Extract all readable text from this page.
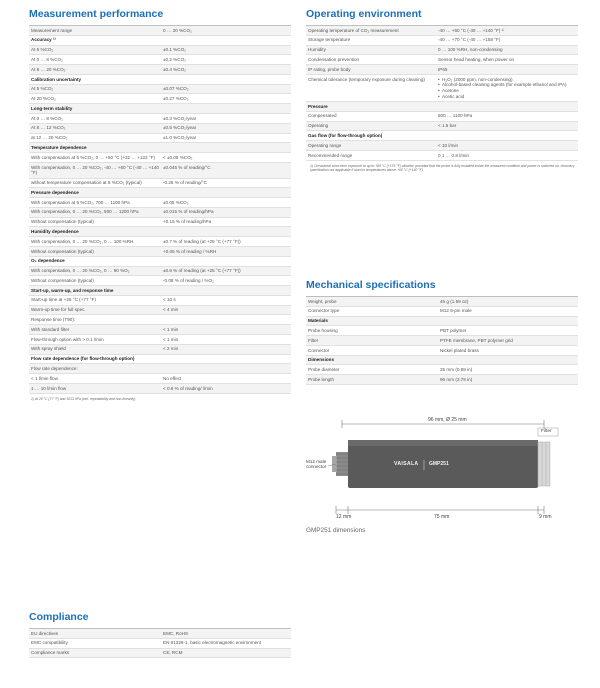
Measurement performance
Measurement range	0 … 20 %CO₂
Accuracy ¹⁾
At 5 %CO₂	±0.1 %CO₂
At 0 … 8 %CO₂	±0.2 %CO₂
At 8 … 20 %CO₂	±0.4 %CO₂
Calibration uncertainty
At 5 %CO₂	±0.07 %CO₂
At 20 %CO₂	±0.27 %CO₂
Long-term stability
At 0 … 8 %CO₂	±0.3 %CO₂/year
At 8 … 12 %CO₂	±0.5 %CO₂/year
at 12 … 20 %CO₂	±1.0 %CO₂/year
Temperature dependence
With compensation at 5 %CO₂, 0 … +50 °C (+32 … +122 °F)	< ±0.05 %CO₂
With compensation, 0 … 20 %CO₂, -40 … +60 °C (-40 … +140 °F)
±0.045 % of reading/°C
without temperature compensation at 5 %CO₂ (typical)	-0.25 % of reading/°C
Pressure dependence
With compensation at 5 %CO₂, 700 … 1100 hPa	±0.05 %CO₂
With compensation, 0 … 20 %CO₂, 500 … 1200 hPa	±0.015 % of reading/hPa
Without compensation (typical)	+0.15 % of reading/hPa
Humidity dependence
With compensation, 0 … 20 %CO₂, 0 … 100 %RH	±0.7 % of reading (at +25 °C (+77 °F))
Without compensation (typical)	+0.05 % of reading / %RH
O₂ dependence
With compensation, 0 … 20 %CO₂, 0 … 90 %O₂	±0.6 % of reading (at +25 °C (+77 °F))
Without compensation (typical)	-0.08 % of reading / %O₂
Start-up, warm-up, and response time
Start-up time at +25 °C (+77 °F)	< 10 s
Warm-up time for full spec.	< 4 min
Response time (T90):
With standard filter	< 1 min
Flow-through option with > 0.1 l/min	< 1 min
With spray shield	< 2 min
Flow rate dependence (for flow-through option)
Flow rate dependence:
< 1 l/min flow	No effect
1 … 10 l/min flow	< 0.6 % of reading/ l/min
1) At 25 °C (77 °F) and 1013 hPa (incl. repeatability and non-linearity)
Compliance
EU directives	EMC, RoHS
EMC compatibility	EN 61326-1, basic electromagnetic environment
Compliance marks	CE, RCM
Operating environment
Operating temperature of CO₂ measurement	-40 … +60 °C (-40 … +140 °F) ¹⁾
Storage temperature	-40 … +70 °C (-40 … +158 °F)
Humidity	0 … 100 %RH, non-condensing
Condensation prevention	Sensor head heating, when power on
IP rating, probe body	IP65
Chemical tolerance (temporary exposure during cleaning)
•	H₂O₂ (2000 ppm, non-condensing)
• Alcohol-based cleaning agents (for example ethanol and IPA)
• Acetone
• Acetic acid
Pressure
Compensated	500 … 1100 hPa
Operating	< 1.5 bar
Gas flow (for flow-through option)
Operating range	< 10 l/min
Recommended range	0.1 … 0.8 l/min
1) Occasional short-term exposure to up to +80 °C (+176 °F) allowed, provided that the probe is fully installed inside the measured condition and power is switched on. Accuracy specification not applicable if used in temperatures above +60 °C (+140 °F).
Mechanical specifications
Weight, probe	45 g (1.59 oz)
Connector type	M12 5-pin male
Materials
Probe housing	PBT polymer
Filter	PTFE membrane, PBT polymer grid
Connector	Nickel plated brass
Dimensions
Probe diameter	25 mm (0.98 in)
Probe length	96 mm (3.78 in)
96 mm, Ø 25 mm
Filter
M12 male
connector	VAISALA GMP251
12 mm	75 mm	9 mm
GMP251 dimensions
